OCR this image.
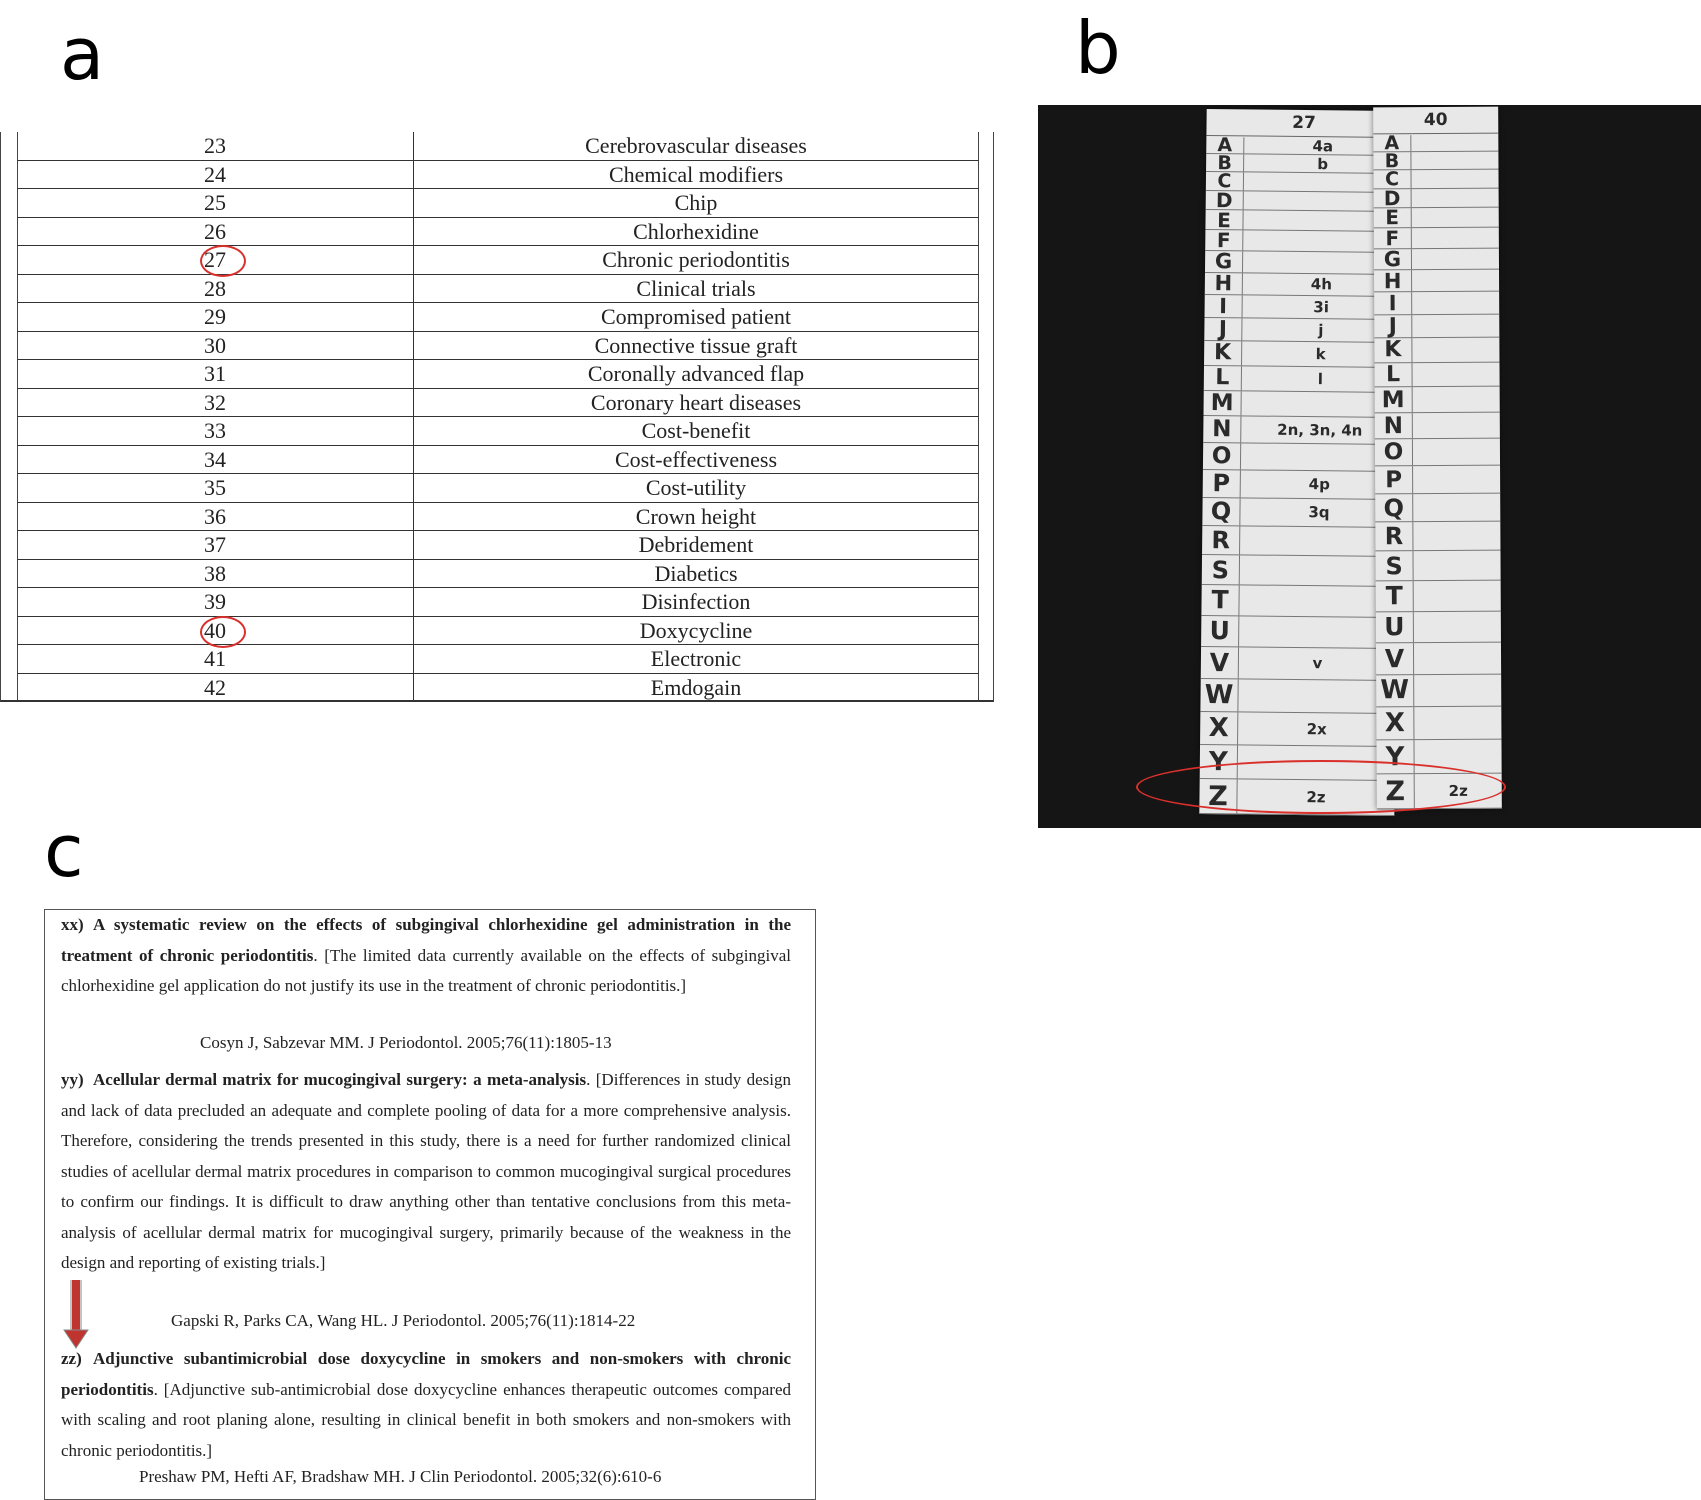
a	b
c
23	Cerebrovascular diseases
24	Chemical modifiers
25	Chip
26	Chlorhexidine
27	Chronic periodontitis
28	Clinical trials
29	Compromised patient
30	Connective tissue graft
31	Coronally advanced flap
32	Coronary heart diseases
33	Cost-benefit
34	Cost-effectiveness
35	Cost-utility
36	Crown height
37	Debridement
38	Diabetics
39	Disinfection
40	Doxycycline
41	Electronic
42	Emdogain
27
A	4a
B	b
C
D
E
F
G
H	4h
I	3i
J	j
K	k
L	l
M
N	2n, 3n, 4n
O
P	4p
Q	3q
R
S
T
U
V	v
W
X	2x
Y
Z	2z
40
A
B
C
D
E
F
G
H
I
J
K
L
M
N
O
P
Q
R
S
T
U
V
W
X
Y
Z	2z
xx) A systematic review on the effects of subgingival chlorhexidine gel administration in the treatment of chronic periodontitis. [The limited data currently available on the effects of subgingival chlorhexidine gel application do not justify its use in the treatment of chronic periodontitis.]
Cosyn J, Sabzevar MM. J Periodontol. 2005;76(11):1805-13
yy) Acellular dermal matrix for mucogingival surgery: a meta-analysis. [Differences in study design and lack of data precluded an adequate and complete pooling of data for a more comprehensive analysis. Therefore, considering the trends presented in this study, there is a need for further randomized clinical studies of acellular dermal matrix procedures in comparison to common mucogingival surgical procedures to confirm our findings. It is difficult to draw anything other than tentative conclusions from this meta-analysis of acellular dermal matrix for mucogingival surgery, primarily because of the weakness in the design and reporting of existing trials.]
Gapski R, Parks CA, Wang HL. J Periodontol. 2005;76(11):1814-22
zz) Adjunctive subantimicrobial dose doxycycline in smokers and non-smokers with chronic periodontitis. [Adjunctive sub-antimicrobial dose doxycycline enhances therapeutic outcomes compared with scaling and root planing alone, resulting in clinical benefit in both smokers and non-smokers with chronic periodontitis.]
Preshaw PM, Hefti AF, Bradshaw MH. J Clin Periodontol. 2005;32(6):610-6
